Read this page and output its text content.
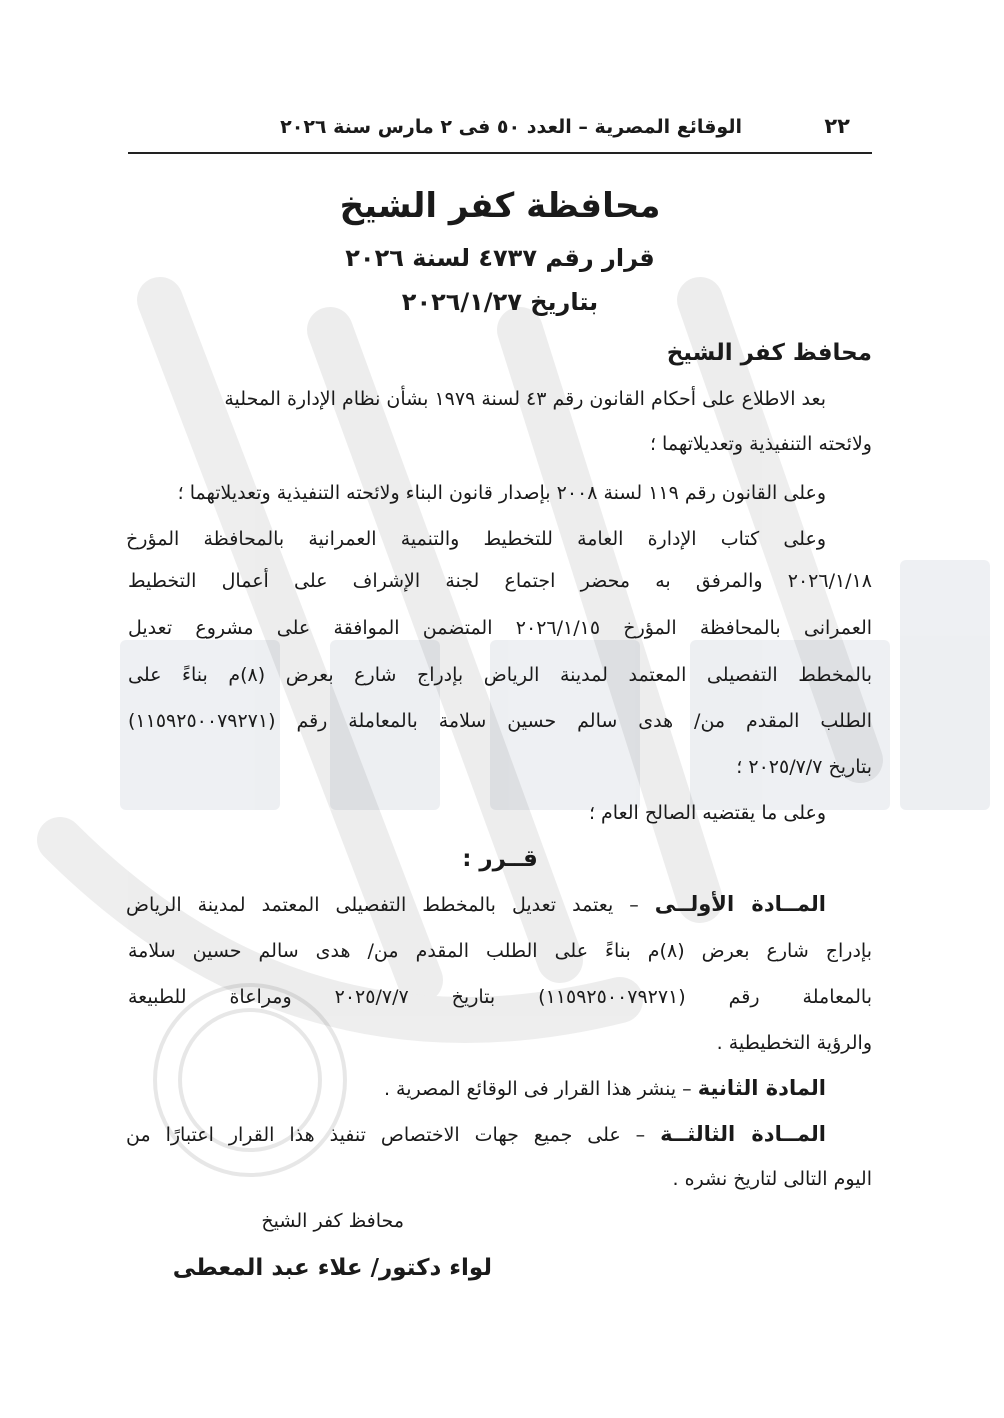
٢٢
الوقائع المصرية – العدد ٥٠ فى ٢ مارس سنة ٢٠٢٦
محافظة كفر الشيخ
قرار رقم ٤٧٣٧ لسنة ٢٠٢٦
بتاريخ ٢٠٢٦/١/٢٧
محافظ كفر الشيخ
بعد الاطلاع على أحكام القانون رقم ٤٣ لسنة ١٩٧٩ بشأن نظام الإدارة المحلية
ولائحته التنفيذية وتعديلاتهما ؛
وعلى القانون رقم ١١٩ لسنة ٢٠٠٨ بإصدار قانون البناء ولائحته التنفيذية وتعديلاتهما ؛
وعلى كتاب الإدارة العامة للتخطيط والتنمية العمرانية بالمحافظة المؤرخ
٢٠٢٦/١/١٨ والمرفق به محضر اجتماع لجنة الإشراف على أعمال التخطيط
العمرانى بالمحافظة المؤرخ ٢٠٢٦/١/١٥ المتضمن الموافقة على مشروع تعديل
بالمخطط التفصيلى المعتمد لمدينة الرياض بإدراج شارع بعرض (٨)م بناءً على
الطلب المقدم من/ هدى سالم حسين سلامة بالمعاملة رقم (١١٥٩٢٥٠٠٧٩٢٧١)
بتاريخ ٢٠٢٥/٧/٧ ؛
وعلى ما يقتضيه الصالح العام ؛
قــرر :
المــادة الأولــى – يعتمد تعديل بالمخطط التفصيلى المعتمد لمدينة الرياض
بإدراج شارع بعرض (٨)م بناءً على الطلب المقدم من/ هدى سالم حسين سلامة
بالمعاملة رقم (١١٥٩٢٥٠٠٧٩٢٧١) بتاريخ ٢٠٢٥/٧/٧ ومراعاة للطبيعة
والرؤية التخطيطية .
المادة الثانية – ينشر هذا القرار فى الوقائع المصرية .
المــادة الثالثــة – على جميع جهات الاختصاص تنفيذ هذا القرار اعتبارًا من
اليوم التالى لتاريخ نشره .
محافظ كفر الشيخ
لواء دكتور/ علاء عبد المعطى
